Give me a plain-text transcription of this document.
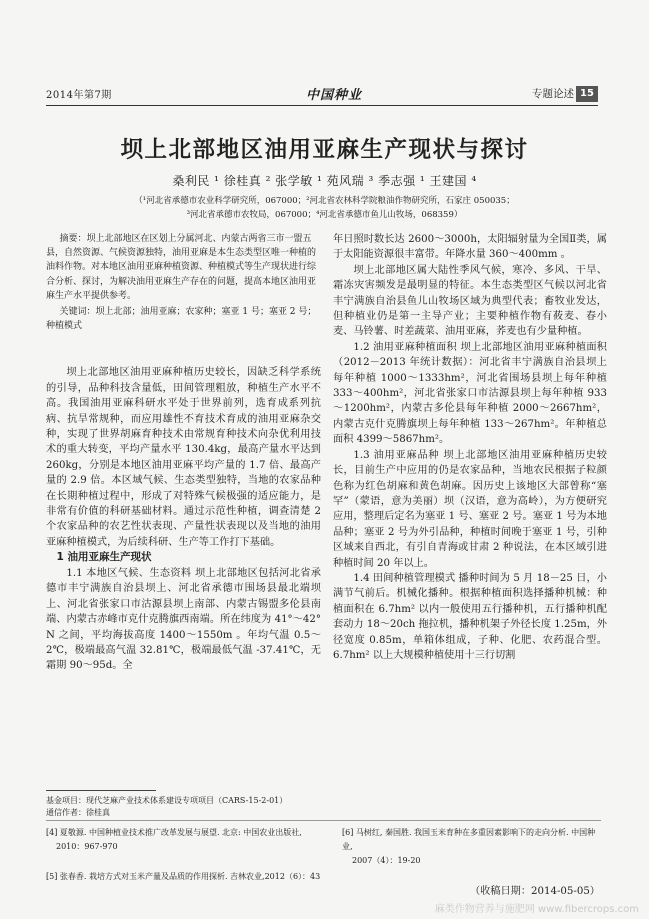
2014年第7期	中国种业	专题论述 15
坝上北部地区油用亚麻生产现状与探讨
桑利民 ¹ 徐桂真 ² 张学敏 ¹ 苑风瑞 ³ 季志强 ¹ 王建国 ⁴
（¹河北省承德市农业科学研究所，067000；²河北省农林科学院粮油作物研究所，石家庄 050035；
³河北省承德市农牧局，067000；⁴河北省承德市鱼儿山牧场，068359）

摘要：坝上北部地区在区划上分属河北、内蒙古两省三市一盟五县，自然资源、气候资源独特，油用亚麻是本生态类型区唯一种植的油料作物。对本地区油用亚麻种植资源、种植模式等生产现状进行综合分析、探讨，为解决油用亚麻生产存在的问题，提高本地区油用亚麻生产水平提供参考。

关键词：坝上北部；油用亚麻；农家种；塞亚 1 号；塞亚 2 号；种植模式

坝上北部地区油用亚麻种植历史较长，因缺乏科学系统的引导，品种科技含量低，田间管理粗放，种植生产水平不高。我国油用亚麻科研水平处于世界前列，选育成系列抗病、抗旱常规种，而应用雄性不育技术育成的油用亚麻杂交种，实现了世界胡麻育种技术由常规育种技术向杂优利用技术的重大转变，平均产量水平 130.4kg，最高产量水平达到 260kg，分别是本地区油用亚麻平均产量的 1.7 倍、最高产量的 2.9 倍。本区域气候、生态类型独特，当地的农家品种在长期种植过程中，形成了对特殊气候极强的适应能力，是非常有价值的科研基础材料。通过示范性种植，调查清楚 2 个农家品种的农艺性状表现、产量性状表现以及当地的油用亚麻种植模式，为后续科研、生产等工作打下基础。

1 油用亚麻生产现状

1.1 本地区气候、生态资料 坝上北部地区包括河北省承德市丰宁满族自治县坝上、河北省承德市围场县最北端坝上、河北省张家口市沽源县坝上南部、内蒙古锡盟多伦县南端、内蒙古赤峰市克什克腾旗西南端。所在纬度为 41°～42° N 之间，平均海拔高度 1400～1550m 。年均气温 0.5～2℃，极端最高气温 32.81℃，极端最低气温 -37.41℃，无霜期 90～95d。全

年日照时数长达 2600～3000h，太阳辐射量为全国Ⅱ类，属于太阳能资源很丰富带。年降水量 360～400mm 。

坝上北部地区属大陆性季风气候，寒冷、多风、干旱、霜冻灾害频发是最明显的特征。本生态类型区气候以河北省丰宁满族自治县鱼儿山牧场区域为典型代表；畜牧业发达，但种植业仍是第一主导产业；主要种植作物有莜麦、春小麦、马铃薯、时差蔬菜、油用亚麻，荞麦也有少量种植。

1.2 油用亚麻种植面积 坝上北部地区油用亚麻种植面积（2012－2013 年统计数据）：河北省丰宁满族自治县坝上每年种植 1000～1333hm²，河北省围场县坝上每年种植 333～400hm²，河北省张家口市沽源县坝上每年种植 933～1200hm²，内蒙古多伦县每年种植 2000～2667hm²，内蒙古克什克腾旗坝上每年种植 133～267hm²。年种植总面积 4399～5867hm²。

1.3 油用亚麻品种 坝上北部地区油用亚麻种植历史较长，目前生产中应用的仍是农家品种，当地农民根据子粒颜色称为红色胡麻和黄色胡麻。因历史上该地区大部曾称“塞罕”（蒙语，意为美丽）坝（汉语，意为高岭），为方便研究应用，整理后定名为塞亚 1 号、塞亚 2 号。塞亚 1 号为本地品种；塞亚 2 号为外引品种，种植时间晚于塞亚 1 号，引种区域来自西北，有引自青海或甘肃 2 种说法，在本区域引进种植时间 20 年以上。

1.4 田间种植管理模式 播种时间为 5 月 18－25 日，小满节气前后。机械化播种。根据种植面积选择播种机械：种植面积在 6.7hm² 以内一般使用五行播种机，五行播种机配套动力 18～20ch 拖拉机，播种机架子外径长度 1.25m，外径宽度 0.85m，单箱体组成，子种、化肥、农药混合型。6.7hm² 以上大规模种植使用十三行切割

基金项目：现代芝麻产业技术体系建设专项项目（CARS-15-2-01）
通信作者：徐桂真
[4] 夏敬源. 中国种植业技术推广改革发展与展望. 北京: 中国农业出版社,
2010：967-970
[5] 张春香. 栽培方式对玉米产量及品质的作用探析. 吉林农业,2012（6）：43
[6] 马树红, 秦国胜. 我国玉米育种在多重因素影响下的走向分析. 中国种业,
2007（4）：19-20
（收稿日期：2014-05-05）
麻类作物营养与施肥网 www.fibercrops.com
